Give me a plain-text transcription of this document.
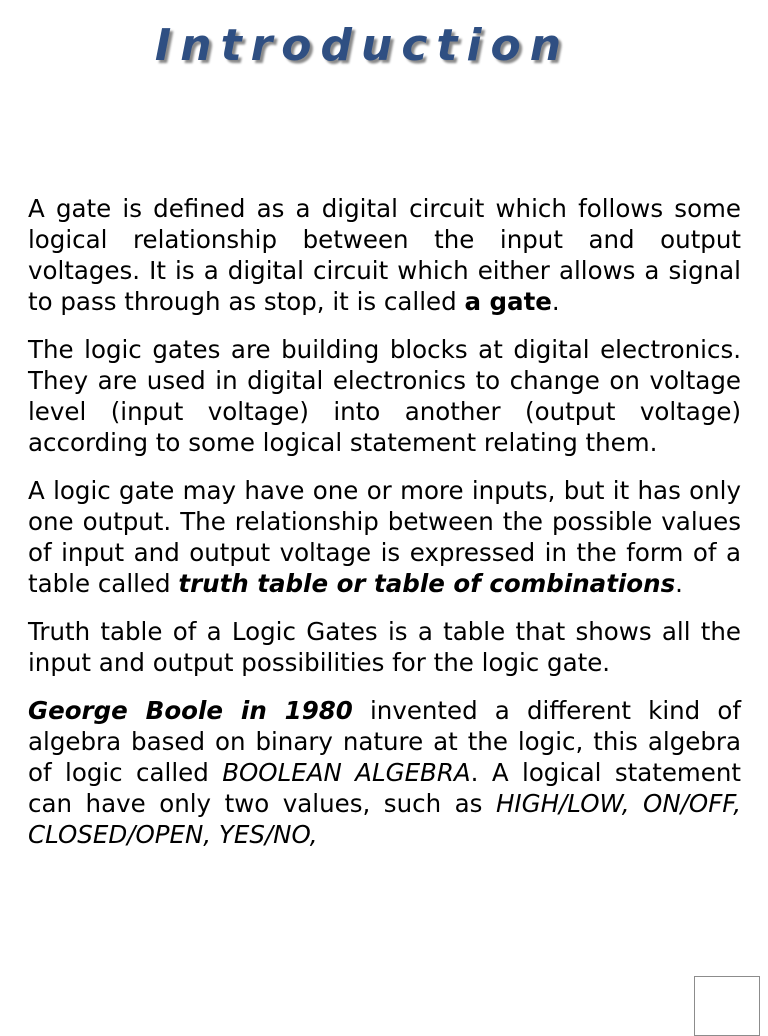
Introduction

A gate is defined as a digital circuit which follows some logical relationship between the input and output voltages. It is a digital circuit which either allows a signal to pass through as stop, it is called a gate.

The logic gates are building blocks at digital electronics. They are used in digital electronics to change on voltage level (input voltage) into another (output voltage) according to some logical statement relating them.

A logic gate may have one or more inputs, but it has only one output. The relationship between the possible values of input and output voltage is expressed in the form of a table called truth table or table of combinations.

Truth table of a Logic Gates is a table that shows all the input and output possibilities for the logic gate.

George Boole in 1980 invented a different kind of algebra based on binary nature at the logic, this algebra of logic called BOOLEAN ALGEBRA. A logical statement can have only two values, such as HIGH/LOW, ON/OFF, CLOSED/OPEN, YES/NO,
